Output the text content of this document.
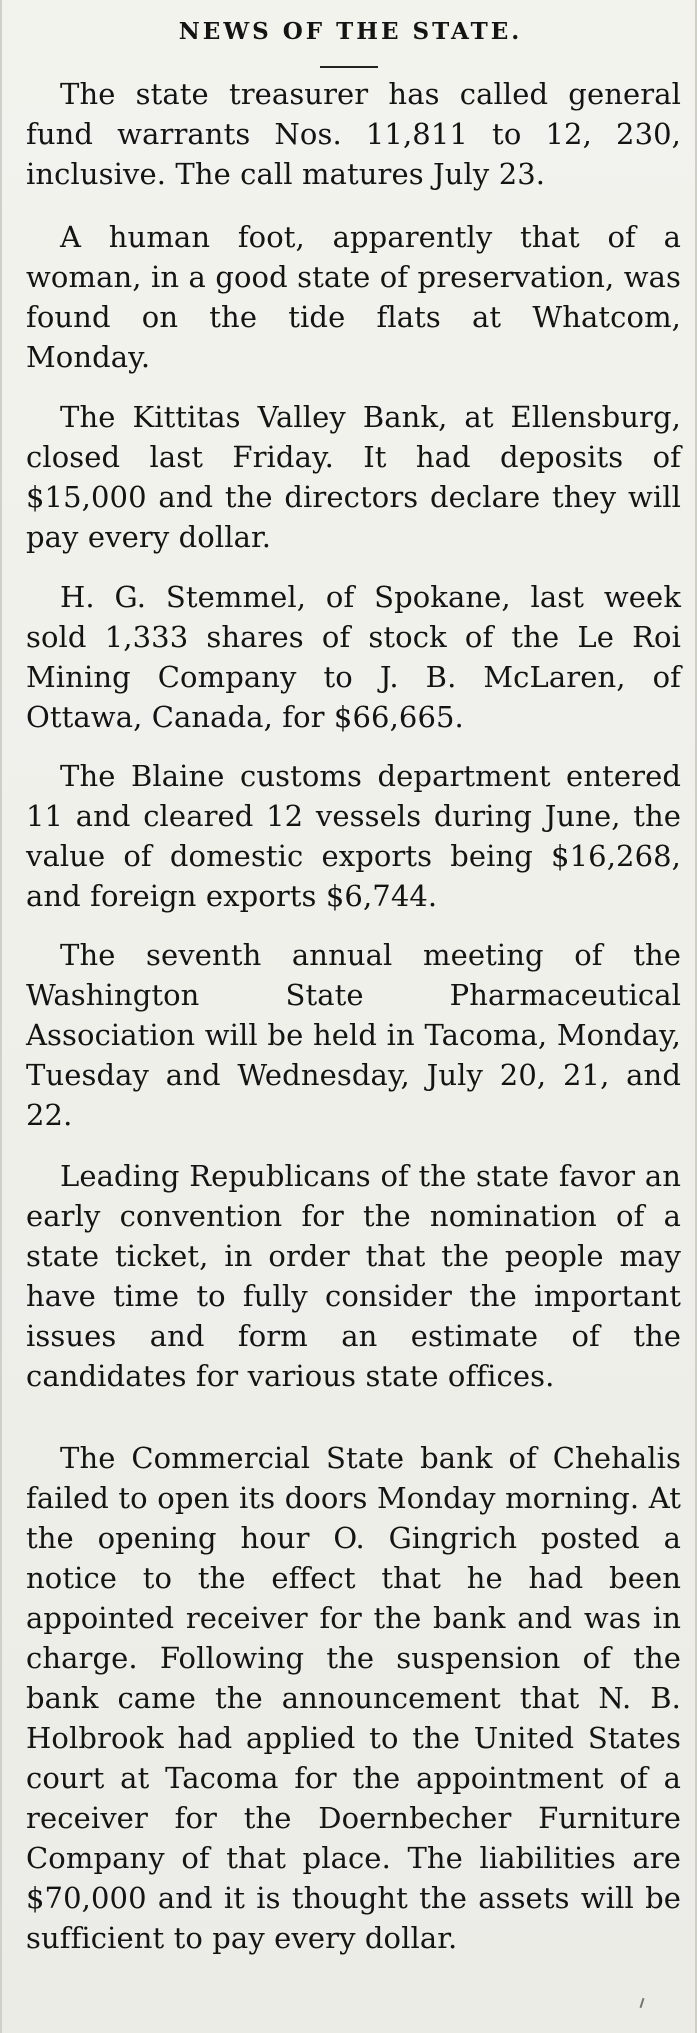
NEWS OF THE STATE.

The state treasurer has called general fund warrants Nos. 11,811 to 12, 230, inclusive. The call matures July 23.

A human foot, apparently that of a woman, in a good state of preservation, was found on the tide flats at Whatcom, Monday.

The Kittitas Valley Bank, at Ellensburg, closed last Friday. It had deposits of $15,000 and the directors declare they will pay every dollar.

H. G. Stemmel, of Spokane, last week sold 1,333 shares of stock of the Le Roi Mining Company to J. B. McLaren, of Ottawa, Canada, for $66,665.

The Blaine customs department entered 11 and cleared 12 vessels during June, the value of domestic exports being $16,268, and foreign exports $6,744.

The seventh annual meeting of the Washington State Pharmaceutical Association will be held in Tacoma, Monday, Tuesday and Wednesday, July 20, 21, and 22.

Leading Republicans of the state favor an early convention for the nomination of a state ticket, in order that the people may have time to fully consider the important issues and form an estimate of the candidates for various state offices.

The Commercial State bank of Chehalis failed to open its doors Monday morning. At the opening hour O. Gingrich posted a notice to the effect that he had been appointed receiver for the bank and was in charge. Following the suspension of the bank came the announcement that N. B. Holbrook had applied to the United States court at Tacoma for the appointment of a receiver for the Doernbecher Furniture Company of that place. The liabilities are $70,000 and it is thought the assets will be sufficient to pay every dollar.
